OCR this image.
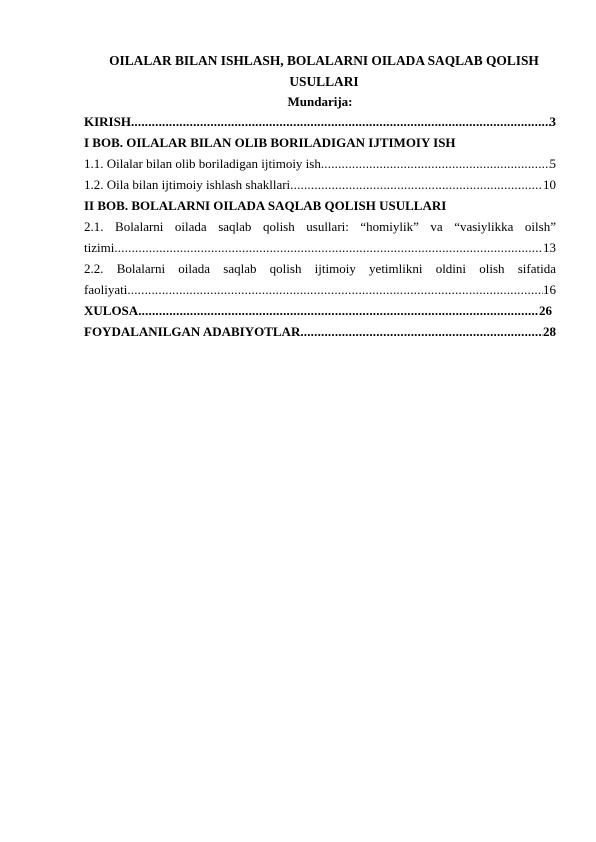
OILALAR BILAN ISHLASH, BOLALARNI OILADA SAQLAB QOLISH
USULLARI
Mundarija:
KIRISH .....	3
I BOB. OILALAR BILAN OLIB BORILADIGAN IJTIMOIY ISH
1.1. Oilalar bilan olib boriladigan ijtimoiy ish .....	5
1.2. Oila bilan ijtimoiy ishlash shakllari .....	10
II BOB. BOLALARNI OILADA SAQLAB QOLISH USULLARI
2.1. Bolalarni oilada saqlab qolish usullari: “homiylik” va “vasiylikka oilsh”
tizimi .....	13
2.2. Bolalarni oilada saqlab qolish ijtimoiy yetimlikni oldini olish sifatida
faoliyati .....	16
XULOSA .....	26
FOYDALANILGAN ADABIYOTLAR .....	28
